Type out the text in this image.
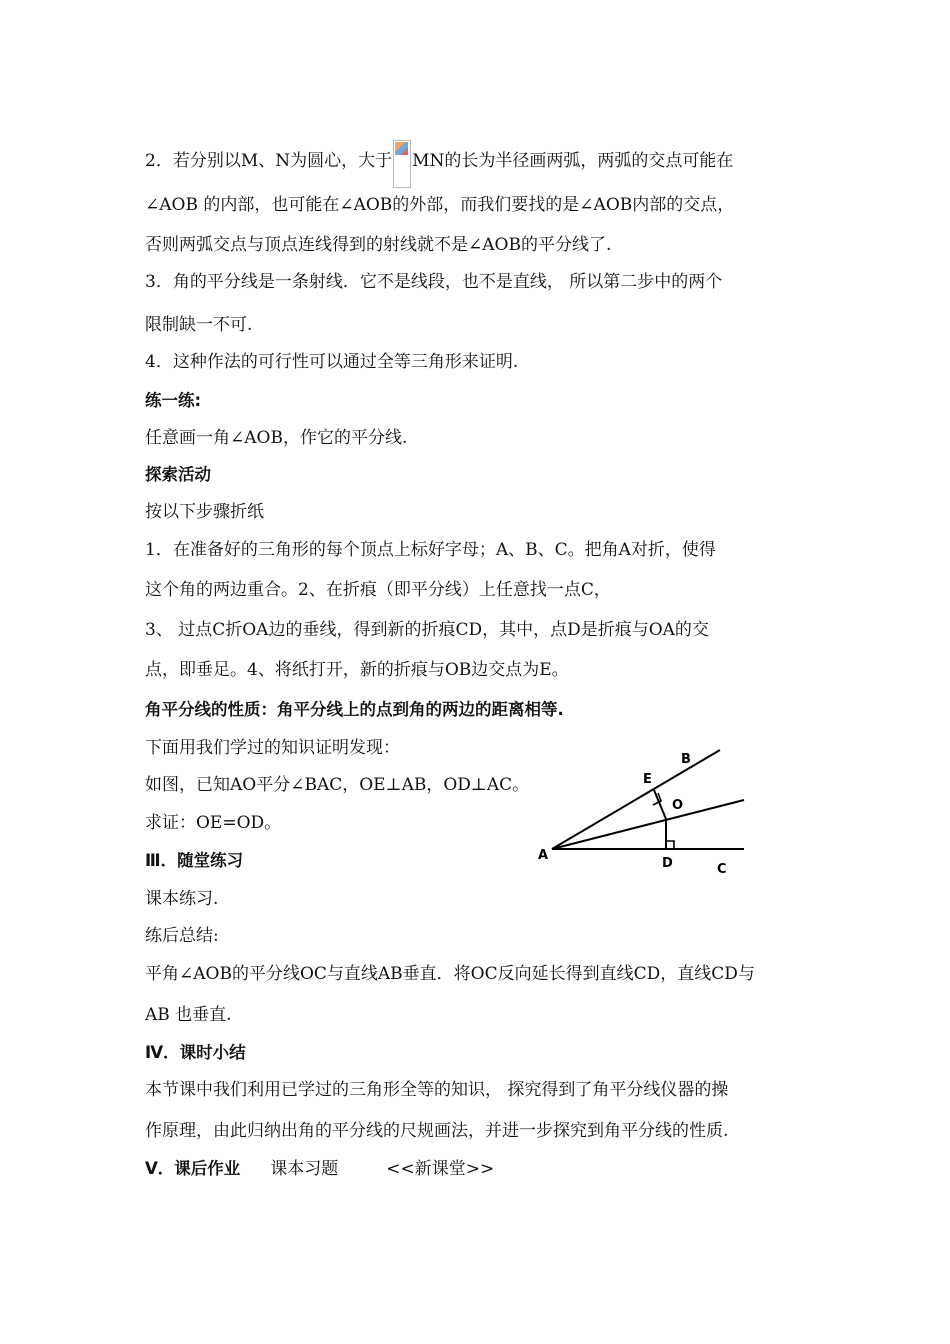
2．若分别以M、N为圆心，大于 MN的长为半径画两弧，两弧的交点可能在
∠AOB 的内部，也可能在∠AOB的外部，而我们要找的是∠AOB内部的交点，
否则两弧交点与顶点连线得到的射线就不是∠AOB的平分线了.
3．角的平分线是一条射线．它不是线段，也不是直线， 所以第二步中的两个
限制缺一不可.
4．这种作法的可行性可以通过全等三角形来证明.
练一练:
任意画一角∠AOB，作它的平分线.
探索活动
按以下步骤折纸
1．在准备好的三角形的每个顶点上标好字母；A、B、C。把角A对折，使得
这个角的两边重合。2、在折痕（即平分线）上任意找一点C，
3、 过点C折OA边的垂线，得到新的折痕CD，其中，点D是折痕与OA的交
点，即垂足。4、将纸打开，新的折痕与OB边交点为E。
角平分线的性质：角平分线上的点到角的两边的距离相等.
下面用我们学过的知识证明发现：
如图，已知AO平分∠BAC，OE⊥AB，OD⊥AC。
求证：OE=OD。
Ⅲ．随堂练习
课本练习.
练后总结:
平角∠AOB的平分线OC与直线AB垂直．将OC反向延长得到直线CD，直线CD与
AB 也垂直.
Ⅳ．课时小结
本节课中我们利用已学过的三角形全等的知识， 探究得到了角平分线仪器的操
作原理，由此归纳出角的平分线的尺规画法，并进一步探究到角平分线的性质.
Ⅴ．课后作业 课本习题	<<新课堂>>
A
B
C
D
E
O
